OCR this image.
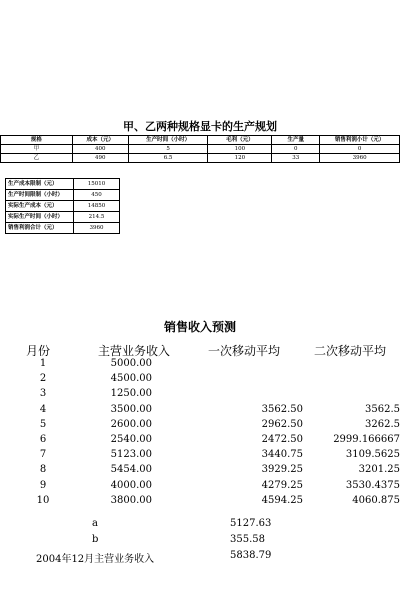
甲、乙两种规格显卡的生产规划
规格	成本（元）	生产时间（小时）	毛利（元）	生产量	销售利润小计（元）
甲	400	5	100	0	0
乙	490	6.5	120	33	3960
生产成本限制（元）	15010
生产时间限制（小时）	450
实际生产成本（元）	14850
实际生产时间（小时）	214.5
销售利润合计（元）	3960
销售收入预测
月份	主营业务收入	一次移动平均	二次移动平均
1	5000.00
2	4500.00
3	1250.00
4	3500.00	3562.50	3562.5
5	2600.00	2962.50	3262.5
6	2540.00	2472.50	2999.166667
7	5123.00	3440.75	3109.5625
8	5454.00	3929.25	3201.25
9	4000.00	4279.25	3530.4375
10	3800.00	4594.25	4060.875
a	5127.63
b	355.58
2004年12月主营业务收入	5838.79
